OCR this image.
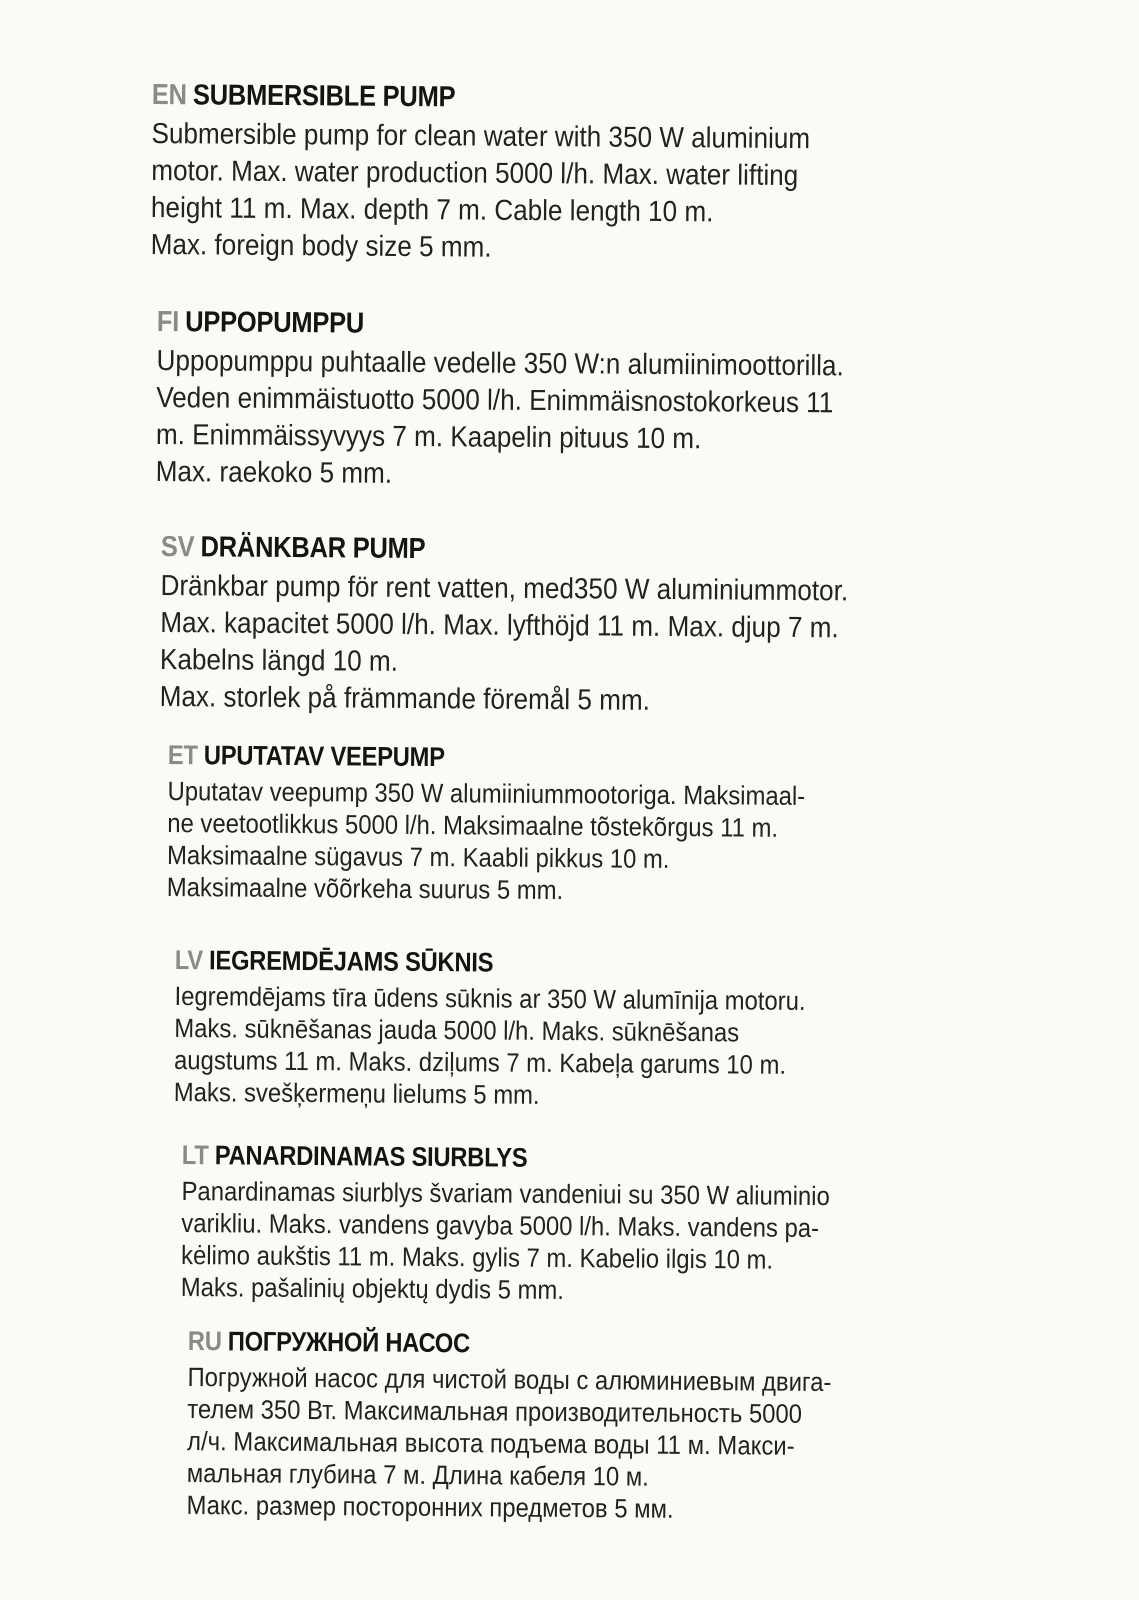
EN SUBMERSIBLE PUMP
Submersible pump for clean water with 350 W aluminium
motor. Max. water production 5000 l/h. Max. water lifting
height 11 m. Max. depth 7 m. Cable length 10 m.
Max. foreign body size 5 mm.
FI UPPOPUMPPU
Uppopumppu puhtaalle vedelle 350 W:n alumiinimoottorilla.
Veden enimmäistuotto 5000 l/h. Enimmäisnostokorkeus 11
m. Enimmäissyvyys 7 m. Kaapelin pituus 10 m.
Max. raekoko 5 mm.
SV DRÄNKBAR PUMP
Dränkbar pump för rent vatten, med350 W aluminiummotor.
Max. kapacitet 5000 l/h. Max. lyfthöjd 11 m. Max. djup 7 m.
Kabelns längd 10 m.
Max. storlek på främmande föremål 5 mm.
ET UPUTATAV VEEPUMP
Uputatav veepump 350 W alumiiniummootoriga. Maksimaal-
ne veetootlikkus 5000 l/h. Maksimaalne tõstekõrgus 11 m.
Maksimaalne sügavus 7 m. Kaabli pikkus 10 m.
Maksimaalne võõrkeha suurus 5 mm.
LV IEGREMDĒJAMS SŪKNIS
Iegremdējams tīra ūdens sūknis ar 350 W alumīnija motoru.
Maks. sūknēšanas jauda 5000 l/h. Maks. sūknēšanas
augstums 11 m. Maks. dziļums 7 m. Kabeļa garums 10 m.
Maks. svešķermeņu lielums 5 mm.
LT PANARDINAMAS SIURBLYS
Panardinamas siurblys švariam vandeniui su 350 W aliuminio
varikliu. Maks. vandens gavyba 5000 l/h. Maks. vandens pa-
kėlimo aukštis 11 m. Maks. gylis 7 m. Kabelio ilgis 10 m.
Maks. pašalinių objektų dydis 5 mm.
RU ПОГРУЖНОЙ НАСОС
Погружной насос для чистой воды с алюминиевым двига-
телем 350 Вт. Максимальная производительность 5000
л/ч. Максимальная высота подъема воды 11 м. Макси-
мальная глубина 7 м. Длина кабеля 10 м.
Макс. размер посторонних предметов 5 мм.
